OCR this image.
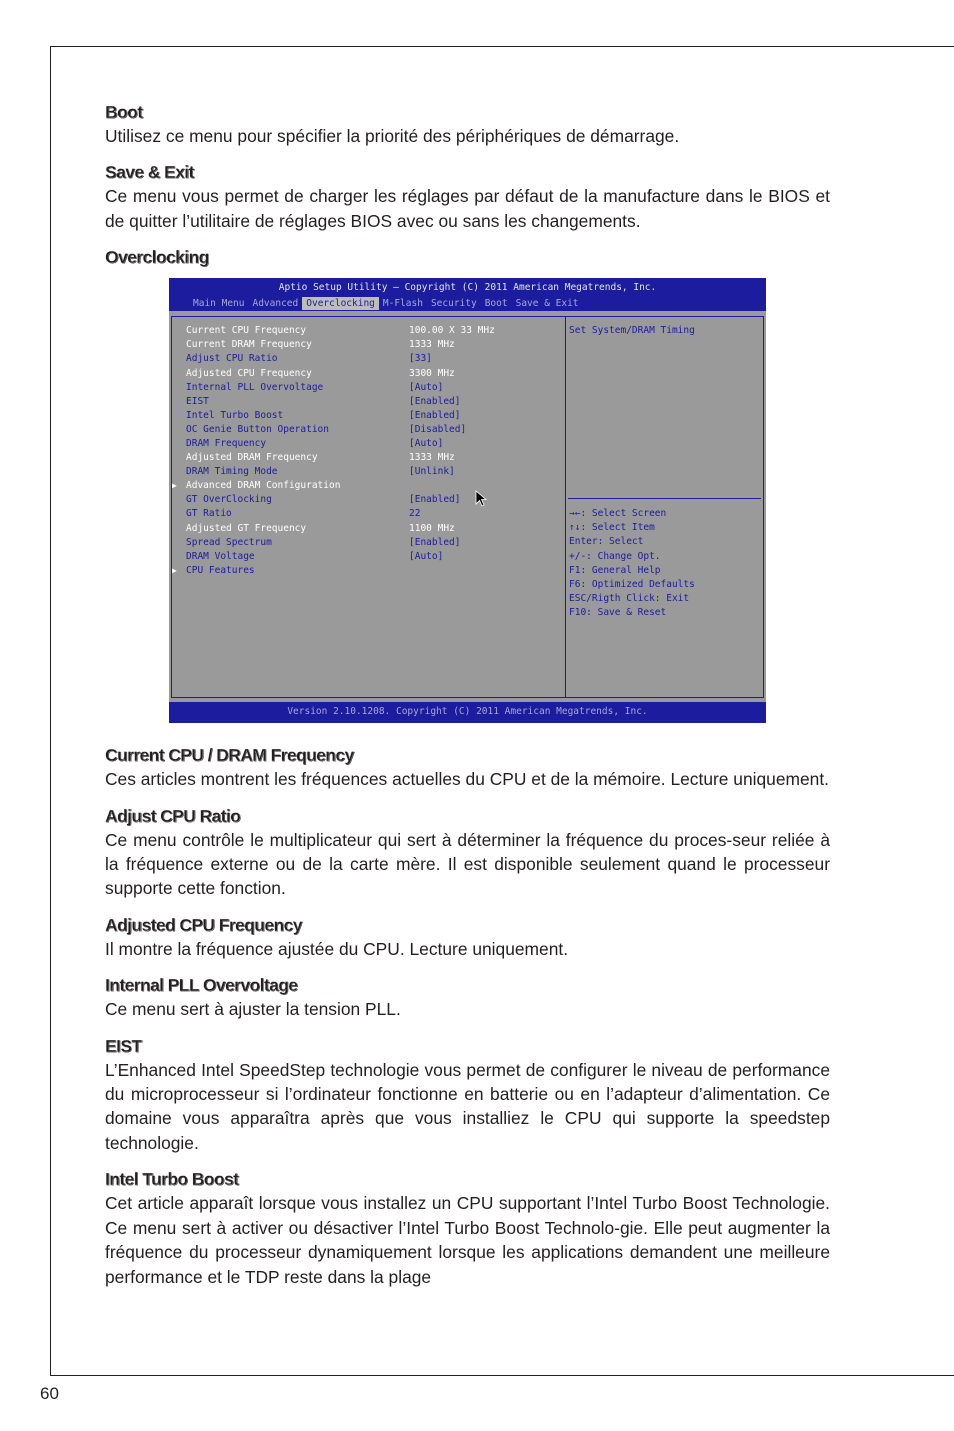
Boot

Utilisez ce menu pour spécifier la priorité des périphériques de démarrage.

Save & Exit

Ce menu vous permet de charger les réglages par défaut de la manufacture dans le BIOS et de quitter l’utilitaire de réglages BIOS avec ou sans les changements.

Overclocking
Aptio Setup Utility – Copyright (C) 2011 American Megatrends, Inc.
Main Menu Advanced Overclocking M-Flash Security Boot Save & Exit
Current CPU Frequency	100.00 X 33 MHz
Current DRAM Frequency	1333 MHz
Adjust CPU Ratio	[33]
Adjusted CPU Frequency	3300 MHz
Internal PLL Overvoltage	[Auto]
EIST	[Enabled]
Intel Turbo Boost	[Enabled]
OC Genie Button Operation	[Disabled]
DRAM Frequency	[Auto]
Adjusted DRAM Frequency	1333 MHz
DRAM Timing Mode	[Unlink]
▶ Advanced DRAM Configuration
GT OverClocking	[Enabled]
GT Ratio	22
Adjusted GT Frequency	1100 MHz
Spread Spectrum	[Enabled]
DRAM Voltage	[Auto]
▶ CPU Features
Set System/DRAM Timing
→←: Select Screen
↑↓: Select Item
Enter: Select
+/-: Change Opt.
F1: General Help
F6: Optimized Defaults
ESC/Rigth Click: Exit
F10: Save & Reset
Version 2.10.1208. Copyright (C) 2011 American Megatrends, Inc.
Current CPU / DRAM Frequency

Ces articles montrent les fréquences actuelles du CPU et de la mémoire. Lecture uniquement.

Adjust CPU Ratio

Ce menu contrôle le multiplicateur qui sert à déterminer la fréquence du proces-seur reliée à la fréquence externe ou de la carte mère. Il est disponible seulement quand le processeur supporte cette fonction.

Adjusted CPU Frequency

Il montre la fréquence ajustée du CPU. Lecture uniquement.

Internal PLL Overvoltage

Ce menu sert à ajuster la tension PLL.

EIST

L’Enhanced Intel SpeedStep technologie vous permet de configurer le niveau de performance du microprocesseur si l’ordinateur fonctionne en batterie ou en l’adapteur d’alimentation. Ce domaine vous apparaîtra après que vous installiez le CPU qui supporte la speedstep technologie.

Intel Turbo Boost

Cet article apparaît lorsque vous installez un CPU supportant l’Intel Turbo Boost Technologie. Ce menu sert à activer ou désactiver l’Intel Turbo Boost Technolo-gie. Elle peut augmenter la fréquence du processeur dynamiquement lorsque les applications demandent une meilleure performance et le TDP reste dans la plage

60
